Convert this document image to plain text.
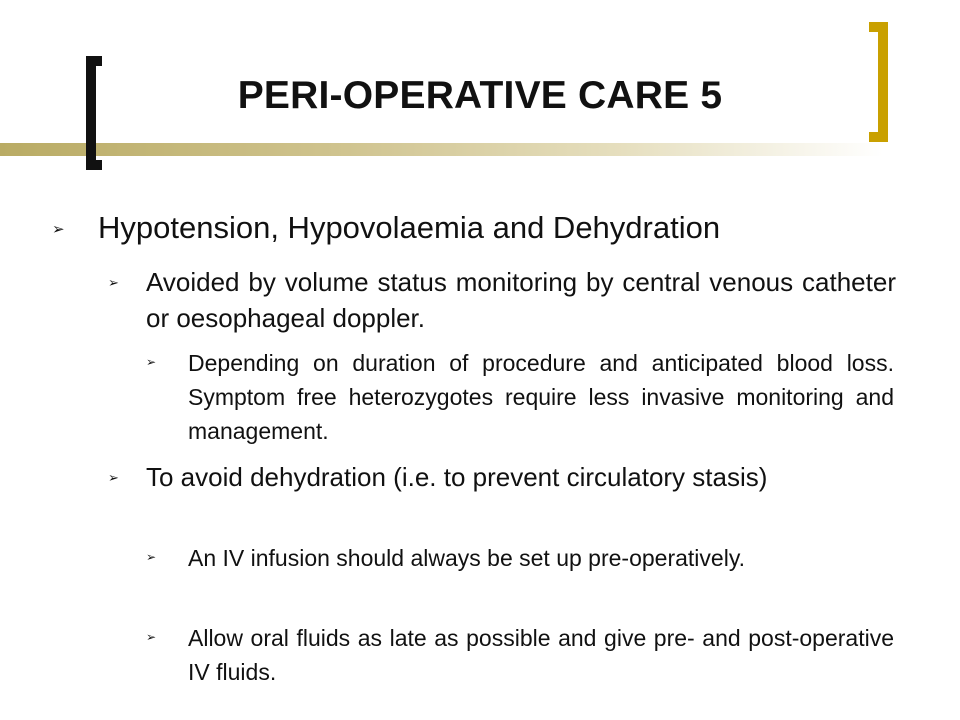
PERI-OPERATIVE CARE 5
➢	Hypotension, Hypovolaemia and Dehydration
➢	Avoided by volume status monitoring by central venous catheter or oesophageal doppler.
➢	Depending on duration of procedure and anticipated blood loss. Symptom free heterozygotes require less invasive monitoring and management.
➢	To avoid dehydration (i.e. to prevent circulatory stasis)
➢	An IV infusion should always be set up pre-operatively.
➢	Allow oral fluids as late as possible and give pre- and post-operative IV fluids.
